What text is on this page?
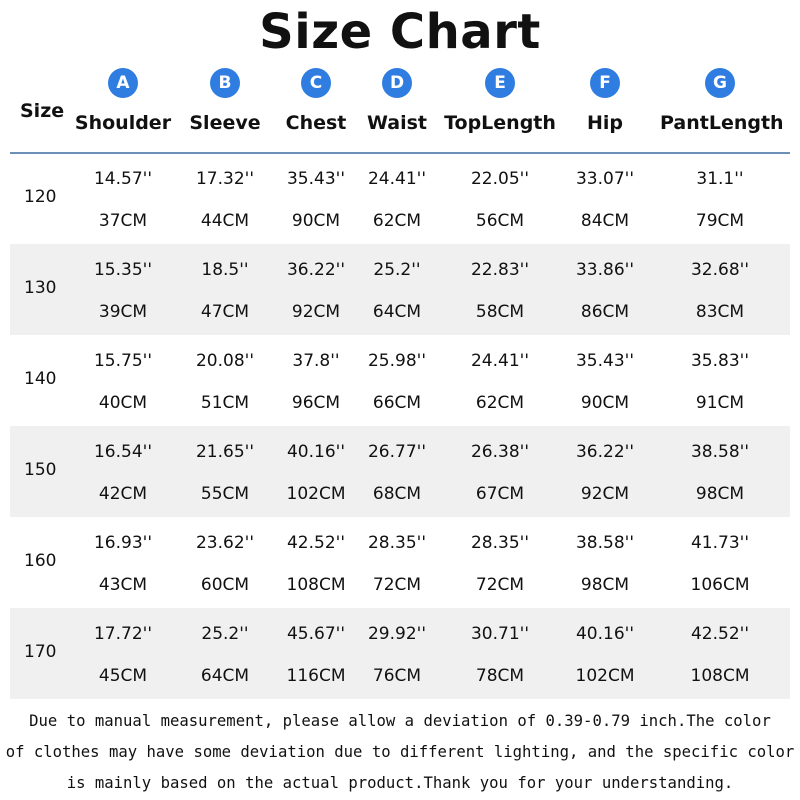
Size Chart
Size
A
Shoulder
B
Sleeve
C
Chest
D
Waist
E
TopLength
F
Hip
G
PantLength
120
14.57''
37CM
17.32''
44CM
35.43''
90CM
24.41''
62CM
22.05''
56CM
33.07''
84CM
31.1''
79CM
130
15.35''
39CM
18.5''
47CM
36.22''
92CM
25.2''
64CM
22.83''
58CM
33.86''
86CM
32.68''
83CM
140
15.75''
40CM
20.08''
51CM
37.8''
96CM
25.98''
66CM
24.41''
62CM
35.43''
90CM
35.83''
91CM
150
16.54''
42CM
21.65''
55CM
40.16''
102CM
26.77''
68CM
26.38''
67CM
36.22''
92CM
38.58''
98CM
160
16.93''
43CM
23.62''
60CM
42.52''
108CM
28.35''
72CM
28.35''
72CM
38.58''
98CM
41.73''
106CM
170
17.72''
45CM
25.2''
64CM
45.67''
116CM
29.92''
76CM
30.71''
78CM
40.16''
102CM
42.52''
108CM
Due to manual measurement, please allow a deviation of 0.39-0.79 inch.The color
of clothes may have some deviation due to different lighting, and the specific color
is mainly based on the actual product.Thank you for your understanding.
